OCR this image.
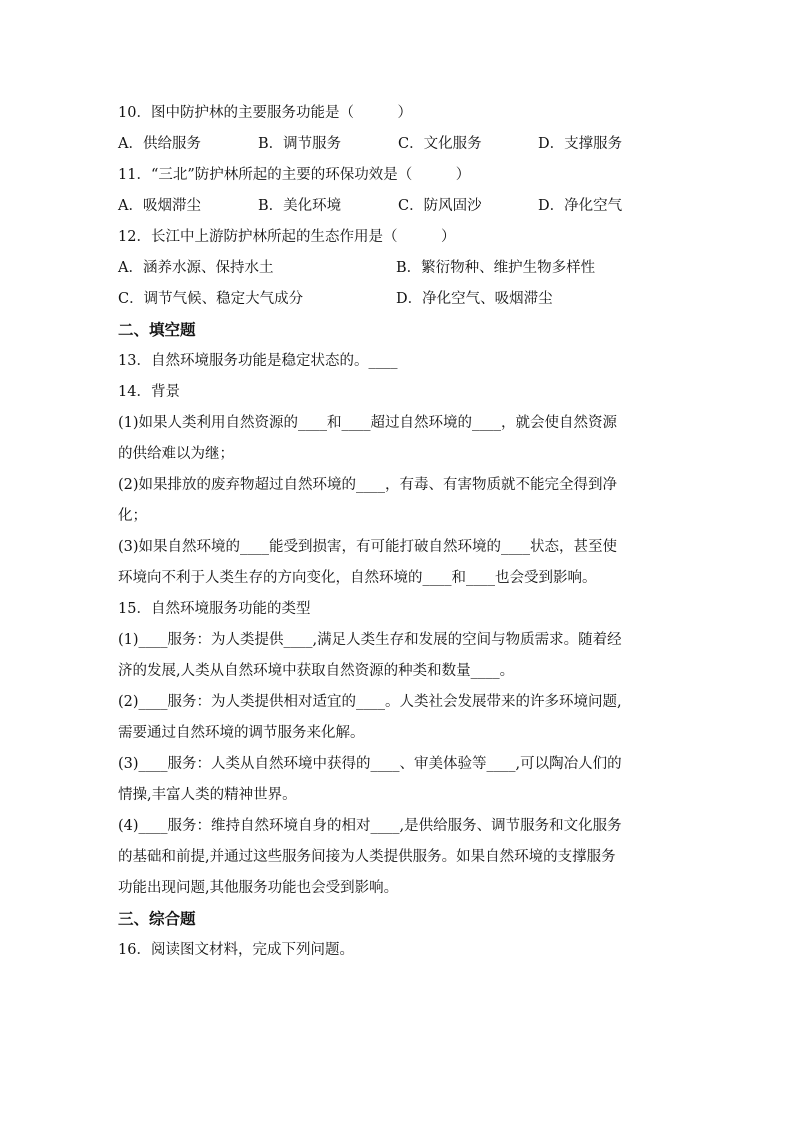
10．图中防护林的主要服务功能是（　　　）
A．供给服务	B．调节服务	C．文化服务	D．支撑服务
11．“三北”防护林所起的主要的环保功效是（　　　）
A．吸烟滞尘	B．美化环境	C．防风固沙	D．净化空气
12．长江中上游防护林所起的生态作用是（　　　）
A．涵养水源、保持水土	B．繁衍物种、维护生物多样性
C．调节气候、稳定大气成分	D．净化空气、吸烟滞尘
二、填空题
13．自然环境服务功能是稳定状态的。____
14．背景
(1)如果人类利用自然资源的____和____超过自然环境的____，就会使自然资源
的供给难以为继；
(2)如果排放的废弃物超过自然环境的____，有毒、有害物质就不能完全得到净
化；
(3)如果自然环境的____能受到损害，有可能打破自然环境的____状态，甚至使
环境向不利于人类生存的方向变化，自然环境的____和____也会受到影响。
15．自然环境服务功能的类型
(1)____服务：为人类提供____,满足人类生存和发展的空间与物质需求。随着经
济的发展,人类从自然环境中获取自然资源的种类和数量____。
(2)____服务：为人类提供相对适宜的____。人类社会发展带来的许多环境问题,
需要通过自然环境的调节服务来化解。
(3)____服务：人类从自然环境中获得的____、审美体验等____,可以陶冶人们的
情操,丰富人类的精神世界。
(4)____服务：维持自然环境自身的相对____,是供给服务、调节服务和文化服务
的基础和前提,并通过这些服务间接为人类提供服务。如果自然环境的支撑服务
功能出现问题,其他服务功能也会受到影响。
三、综合题
16．阅读图文材料，完成下列问题。
